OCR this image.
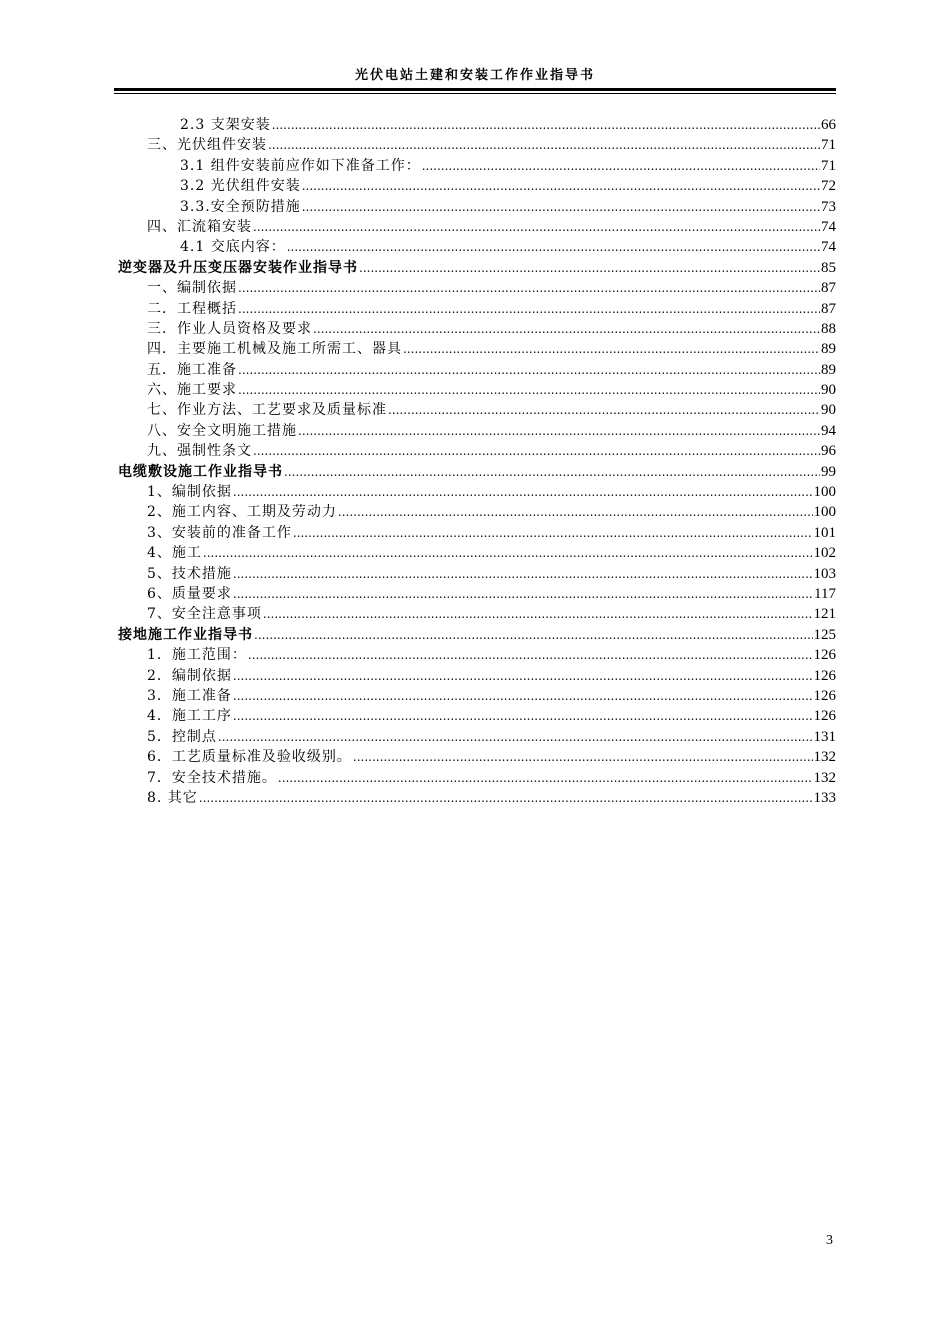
光伏电站土建和安装工作作业指导书
2.3 支架安装 .....	66
三、光伏组件安装 .....	71
3.1 组件安装前应作如下准备工作： .....	71
3.2 光伏组件安装 .....	72
3.3.安全预防措施 .....	73
四、汇流箱安装 .....	74
4.1 交底内容： .....	74
逆变器及升压变压器安装作业指导书 .....	85
一、编制依据 .....	87
二．工程概括 .....	87
三．作业人员资格及要求 .....	88
四．主要施工机械及施工所需工、器具 .....	89
五．施工准备 .....	89
六、施工要求 .....	90
七、作业方法、工艺要求及质量标准 .....	90
八、安全文明施工措施 .....	94
九、强制性条文 .....	96
电缆敷设施工作业指导书 .....	99
1、编制依据 .....	100
2、施工内容、工期及劳动力 .....	100
3、安装前的准备工作 .....	101
4、施工 .....	102
5、技术措施 .....	103
6、质量要求 .....	117
7、安全注意事项 .....	121
接地施工作业指导书 .....	125
1．施工范围： .....	126
2．编制依据 .....	126
3．施工准备 .....	126
4．施工工序 .....	126
5．控制点 .....	131
6．工艺质量标准及验收级别。 .....	132
7．安全技术措施。 .....	132
8. 其它 .....	133
3
